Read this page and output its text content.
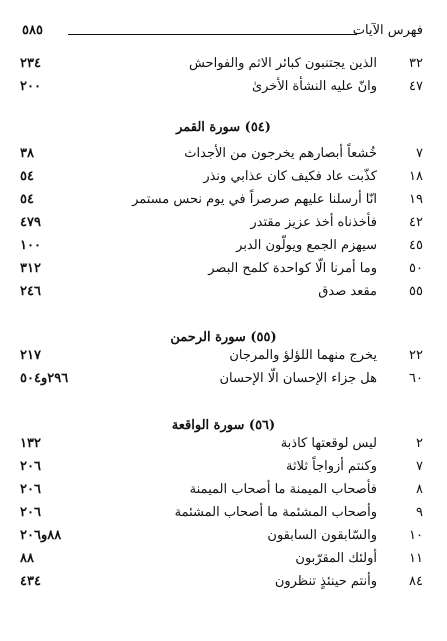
فهرس الآيات
٥٨٥
٣٢
الذين يجتنبون كبائر الاثم والفواحش
٢٣٤
٤٧
وانّ عليه النشأة الأخرىٰ
٢٠٠
(٥٤) سورة القمر
٧
خُشعاً أبصارهم يخرجون من الأجداث
٣٨
١٨
كذّبت عاد فكيف كان عذابي ونذر
٥٤
١٩
انّا أرسلنا عليهم صرصراً في يوم نحس مستمر
٥٤
٤٢
فأخذناه أخذ عزيز مقتدر
٤٧٩
٤٥
سيهزم الجمع ويولّون الدبر
١٠٠
٥٠
وما أمرنا الّا كواحدة كلمح البصر
٣١٢
٥٥
مقعد صدق
٢٤٦
(٥٥) سورة الرحمن
٢٢
يخرج منهما اللؤلؤ والمرجان
٢١٧
٦٠
هل جزاء الإحسان الّا الإحسان
٢٩٦و٥٠٤
(٥٦) سورة الواقعة
٢
ليس لوقعتها كاذبة
١٣٢
٧
وكنتم أزواجاً ثلاثة
٢٠٦
٨
فأصحاب الميمنة ما أصحاب الميمنة
٢٠٦
٩
وأصحاب المشئمة ما أصحاب المشئمة
٢٠٦
١٠
والسّابقون السابقون
٨٨و٢٠٦
١١
أولئك المقرّبون
٨٨
٨٤
وأنتم حينئذٍ تنظرون
٤٣٤
